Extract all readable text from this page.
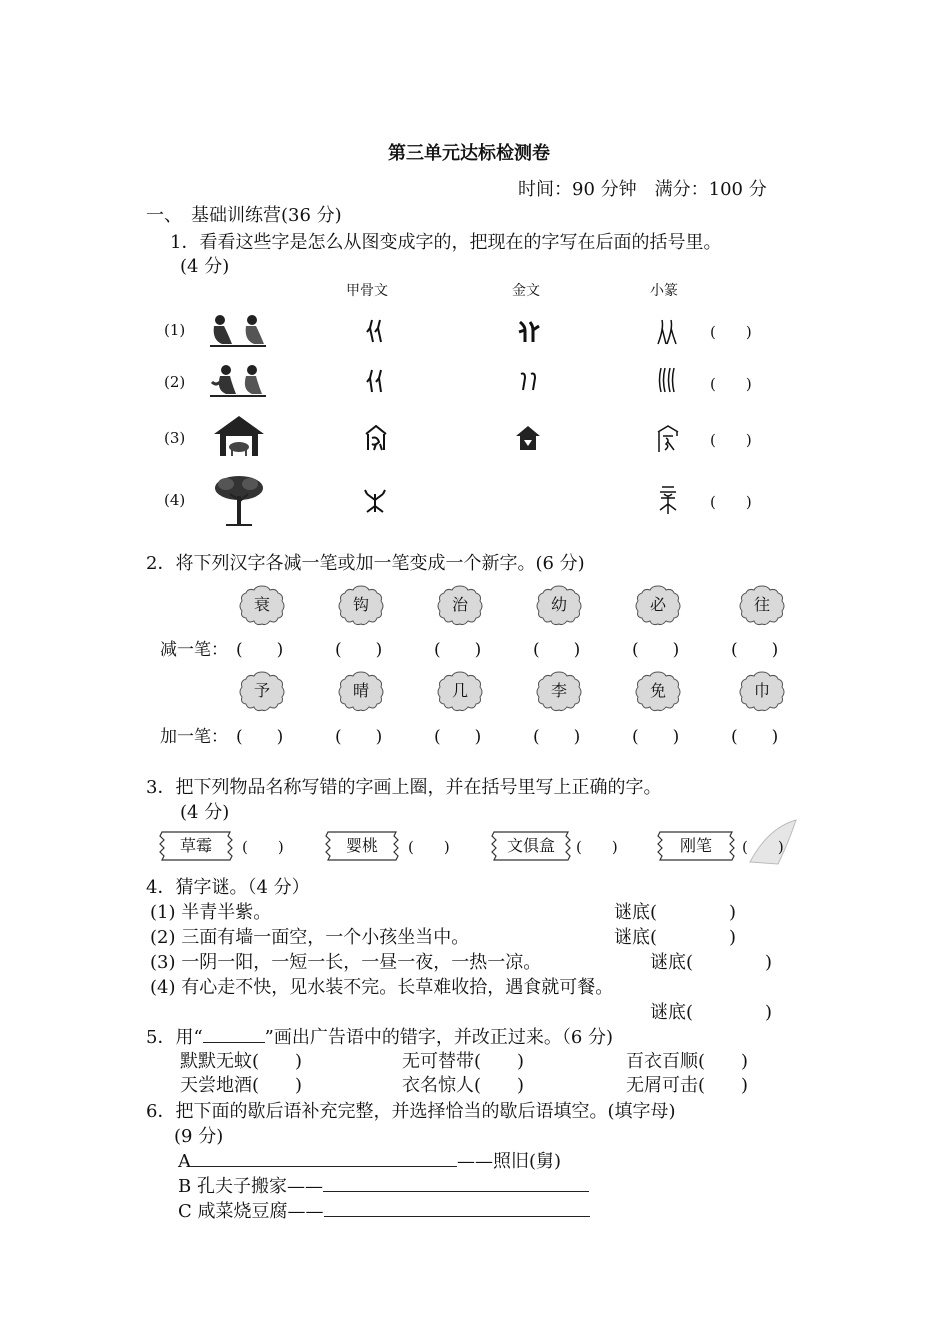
第三单元达标检测卷
时间：90 分钟　满分：100 分
一、　基础训练营(36 分)
1．看看这些字是怎么从图变成字的，把现在的字写在后面的括号里。
(4 分)
甲骨文	金文	小篆
(1)	(　　)
(2)	(　　)
(3)	(　　)
(4)	(　　)
2．将下列汉字各减一笔或加一笔变成一个新字。(6 分)
衰	钩	治	幼	必	往
减一笔： (　　)	(　　)	(　　)	(　　)	(　　)	(　　)
予	晴	几	李	免	巾
加一笔： (　　)	(　　)	(　　)	(　　)	(　　)	(　　)
3．把下列物品名称写错的字画上圈，并在括号里写上正确的字。
(4 分)
草霉	(　　)	婴桃	(　　)	文俱盒	(　　)	刚笔	(　　)
4．猜字谜。（4 分）
(1) 半青半紫。	谜底(　　　　)
(2) 三面有墙一面空，一个小孩坐当中。	谜底(　　　　)
(3) 一阴一阳，一短一长，一昼一夜，一热一凉。	谜底(　　　　)
(4) 有心走不快，见水装不完。长草难收拾，遇食就可餐。
谜底(　　　　)
5．用“	”画出广告语中的错字，并改正过来。（6 分)
默默无蚊(　　)	无可替带(　　)	百衣百顺(　　)
天尝地酒(　　)	衣名惊人(　　)	无屑可击(　　)
6．把下面的歇后语补充完整，并选择恰当的歇后语填空。(填字母)
(9 分)
A	——照旧(舅)
B 孔夫子搬家——
C 咸菜烧豆腐——
